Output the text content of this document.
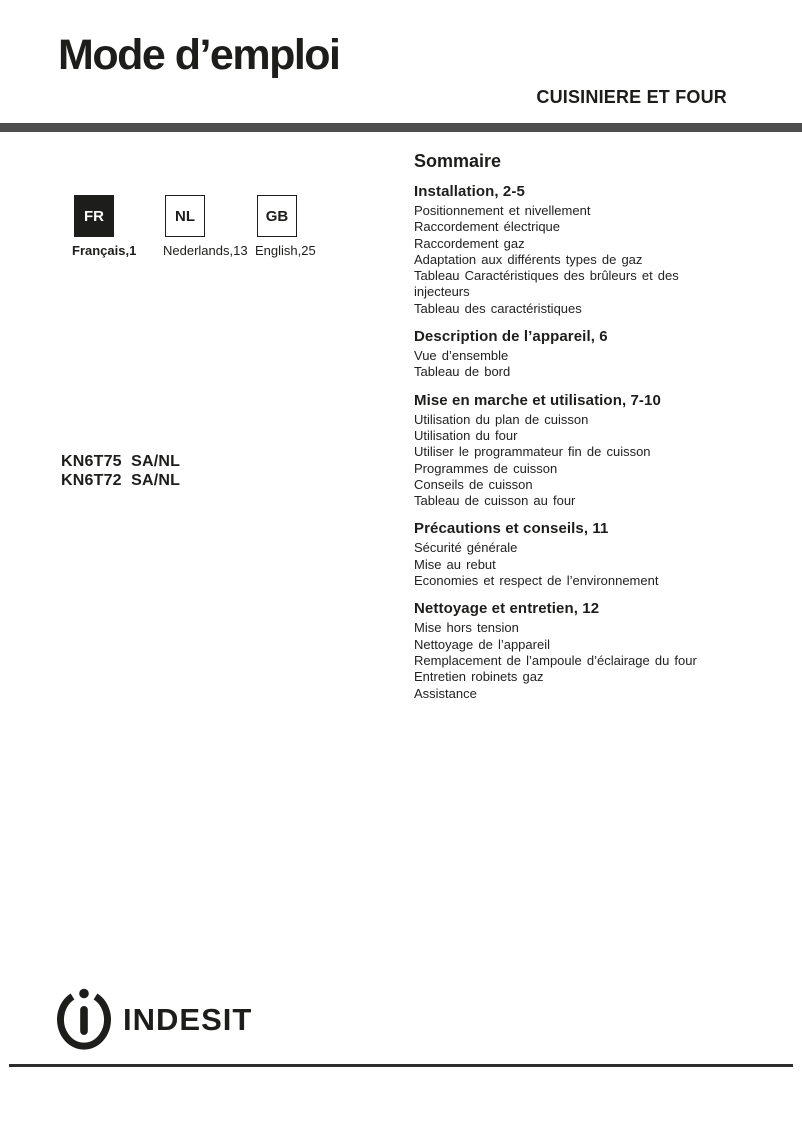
Mode d’emploi
CUISINIERE ET FOUR
FR
Français,1
NL
Nederlands,13
GB
English,25
KN6T75  SA/NL
KN6T72  SA/NL
Sommaire
Installation, 2-5
Positionnement et nivellement
Raccordement électrique
Raccordement gaz
Adaptation aux différents types de gaz
Tableau Caractéristiques des brûleurs et des injecteurs
Tableau des caractéristiques
Description de l’appareil, 6
Vue d’ensemble
Tableau de bord
Mise en marche et utilisation, 7-10
Utilisation du plan de cuisson
Utilisation du four
Utiliser le programmateur fin de cuisson
Programmes de cuisson
Conseils de cuisson
Tableau de cuisson au four
Précautions et conseils, 11
Sécurité générale
Mise au rebut
Economies et respect de l’environnement
Nettoyage et entretien, 12
Mise hors tension
Nettoyage de l’appareil
Remplacement de l’ampoule d’éclairage du four
Entretien robinets gaz
Assistance
INDESIT
